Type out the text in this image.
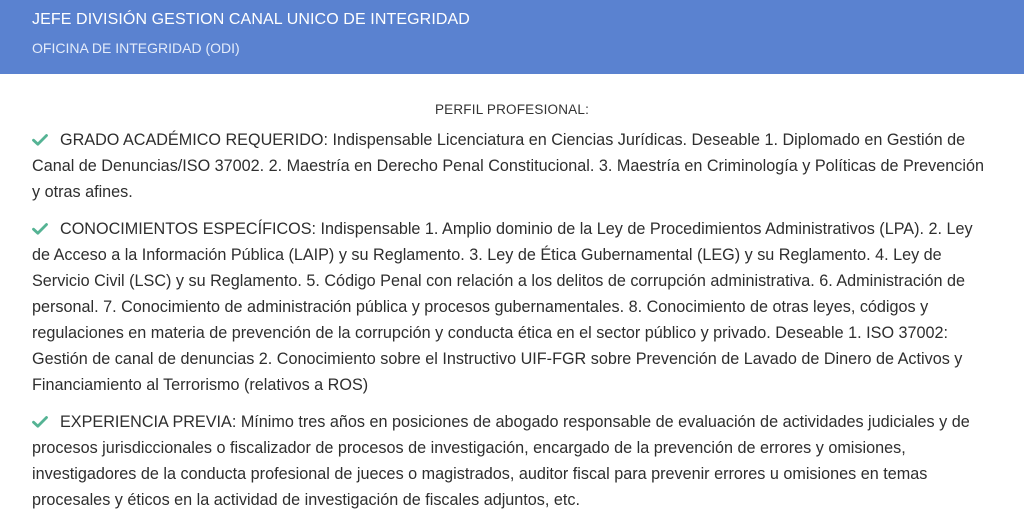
JEFE DIVISIÓN GESTION CANAL UNICO DE INTEGRIDAD
OFICINA DE INTEGRIDAD (ODI)
PERFIL PROFESIONAL:
GRADO ACADÉMICO REQUERIDO: Indispensable Licenciatura en Ciencias Jurídicas. Deseable 1. Diplomado en Gestión de Canal de Denuncias/ISO 37002. 2. Maestría en Derecho Penal Constitucional. 3. Maestría en Criminología y Políticas de Prevención y otras afines.
CONOCIMIENTOS ESPECÍFICOS: Indispensable 1. Amplio dominio de la Ley de Procedimientos Administrativos (LPA). 2. Ley de Acceso a la Información Pública (LAIP) y su Reglamento. 3. Ley de Ética Gubernamental (LEG) y su Reglamento. 4. Ley de Servicio Civil (LSC) y su Reglamento. 5. Código Penal con relación a los delitos de corrupción administrativa. 6. Administración de personal. 7. Conocimiento de administración pública y procesos gubernamentales. 8. Conocimiento de otras leyes, códigos y regulaciones en materia de prevención de la corrupción y conducta ética en el sector público y privado. Deseable 1. ISO 37002: Gestión de canal de denuncias 2. Conocimiento sobre el Instructivo UIF-FGR sobre Prevención de Lavado de Dinero de Activos y Financiamiento al Terrorismo (relativos a ROS)
EXPERIENCIA PREVIA: Mínimo tres años en posiciones de abogado responsable de evaluación de actividades judiciales y de procesos jurisdiccionales o fiscalizador de procesos de investigación, encargado de la prevención de errores y omisiones, investigadores de la conducta profesional de jueces o magistrados, auditor fiscal para prevenir errores u omisiones en temas procesales y éticos en la actividad de investigación de fiscales adjuntos, etc.
